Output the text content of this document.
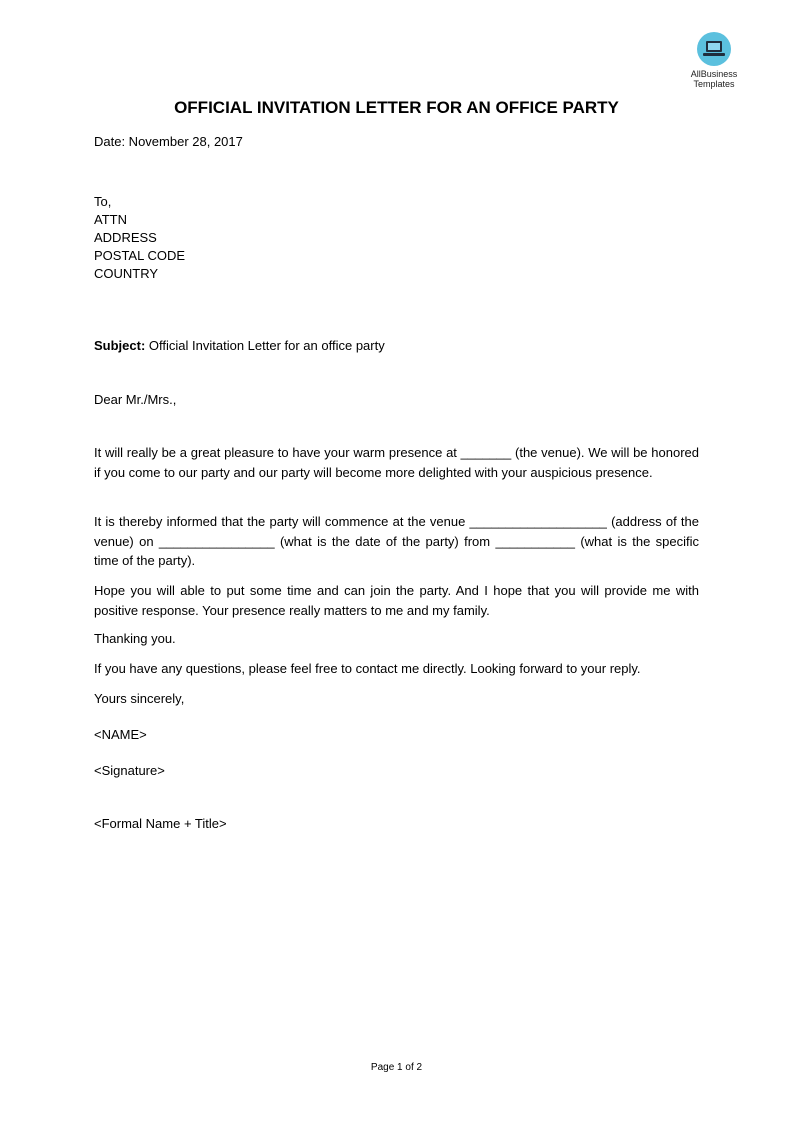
AllBusiness
Templates
OFFICIAL INVITATION LETTER FOR AN OFFICE PARTY
Date: November 28, 2017
To,
ATTN
ADDRESS
POSTAL CODE
COUNTRY
Subject: Official Invitation Letter for an office party
Dear Mr./Mrs.,
It will really be a great pleasure to have your warm presence at _______ (the venue). We will be honored if you come to our party and our party will become more delighted with your auspicious presence.
It is thereby informed that the party will commence at the venue ___________________ (address of the venue) on ________________ (what is the date of the party) from ___________ (what is the specific time of the party).
Hope you will able to put some time and can join the party. And I hope that you will provide me with positive response. Your presence really matters to me and my family.
Thanking you.
If you have any questions, please feel free to contact me directly. Looking forward to your reply.
Yours sincerely,
<NAME>
<Signature>
<Formal Name + Title>
Page 1 of 2
